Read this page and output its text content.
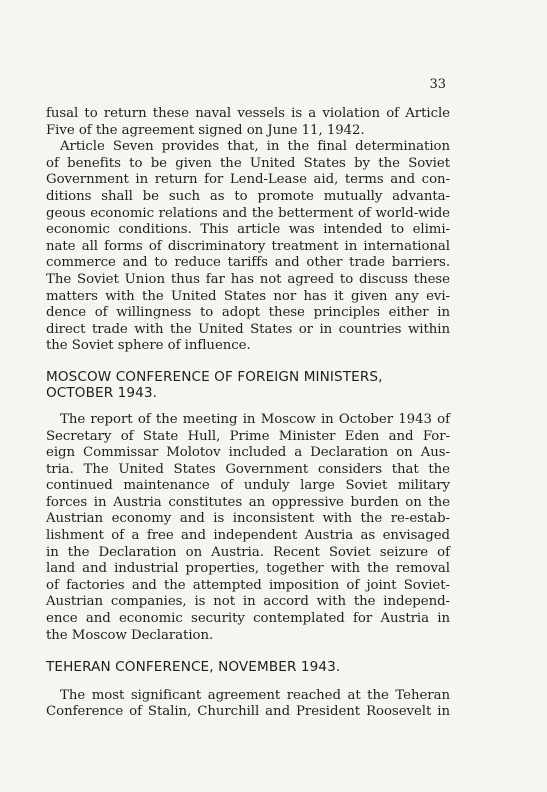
33

fusal to return these naval vessels is a violation of Article
Five of the agreement signed on June 11, 1942.

Article Seven provides that, in the final determination
of benefits to be given the United States by the Soviet
Government in return for Lend-Lease aid, terms and con-
ditions shall be such as to promote mutually advanta-
geous economic relations and the betterment of world-wide
economic conditions. This article was intended to elimi-
nate all forms of discriminatory treatment in international
commerce and to reduce tariffs and other trade barriers.
The Soviet Union thus far has not agreed to discuss these
matters with the United States nor has it given any evi-
dence of willingness to adopt these principles either in
direct trade with the United States or in countries within
the Soviet sphere of influence.

MOSCOW CONFERENCE OF FOREIGN MINISTERS,
OCTOBER 1943.

The report of the meeting in Moscow in October 1943 of
Secretary of State Hull, Prime Minister Eden and For-
eign Commissar Molotov included a Declaration on Aus-
tria. The United States Government considers that the
continued maintenance of unduly large Soviet military
forces in Austria constitutes an oppressive burden on the
Austrian economy and is inconsistent with the re-estab-
lishment of a free and independent Austria as envisaged
in the Declaration on Austria. Recent Soviet seizure of
land and industrial properties, together with the removal
of factories and the attempted imposition of joint Soviet-
Austrian companies, is not in accord with the independ-
ence and economic security contemplated for Austria in
the Moscow Declaration.

TEHERAN CONFERENCE, NOVEMBER 1943.

The most significant agreement reached at the Teheran
Conference of Stalin, Churchill and President Roosevelt in
